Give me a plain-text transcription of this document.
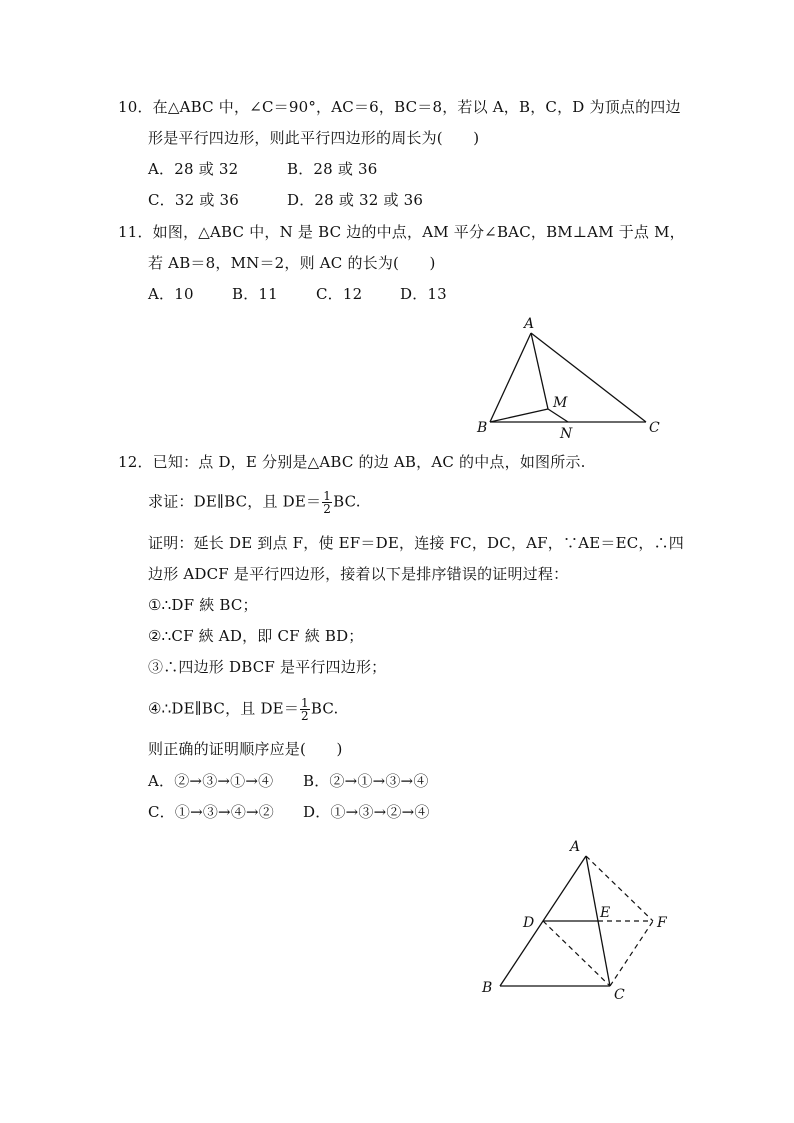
10．在△ABC 中，∠C＝90°，AC＝6，BC＝8，若以 A，B，C，D 为顶点的四边
形是平行四边形，则此平行四边形的周长为(　　)
A．28 或 32	B．28 或 36
C．32 或 36	D．28 或 32 或 36
11．如图，△ABC 中，N 是 BC 边的中点，AM 平分∠BAC，BM⊥AM 于点 M，
若 AB＝8，MN＝2，则 AC 的长为(　　)
A．10	B．11	C．12	D．13
A
B	C
M
N
12．已知：点 D，E 分别是△ABC 的边 AB，AC 的中点，如图所示.
求证：DE∥BC，且 $DE= \frac{1}{2}$ BC.
证明：延长 DE 到点 F，使 EF＝DE，连接 FC，DC，AF，∵AE＝EC，∴四
边形 ADCF 是平行四边形，接着以下是排序错误的证明过程：
①∴DF 綊 BC；
②∴CF 綊 AD，即 CF 綊 BD；
③∴四边形 DBCF 是平行四边形；
④∴DE∥BC，且 $DE= \frac{1}{2}$ BC.
则正确的证明顺序应是(　　)
A．②→③→①→④ B．②→①→③→④
C．①→③→④→② D．①→③→②→④
A
B	C
D
E
F
